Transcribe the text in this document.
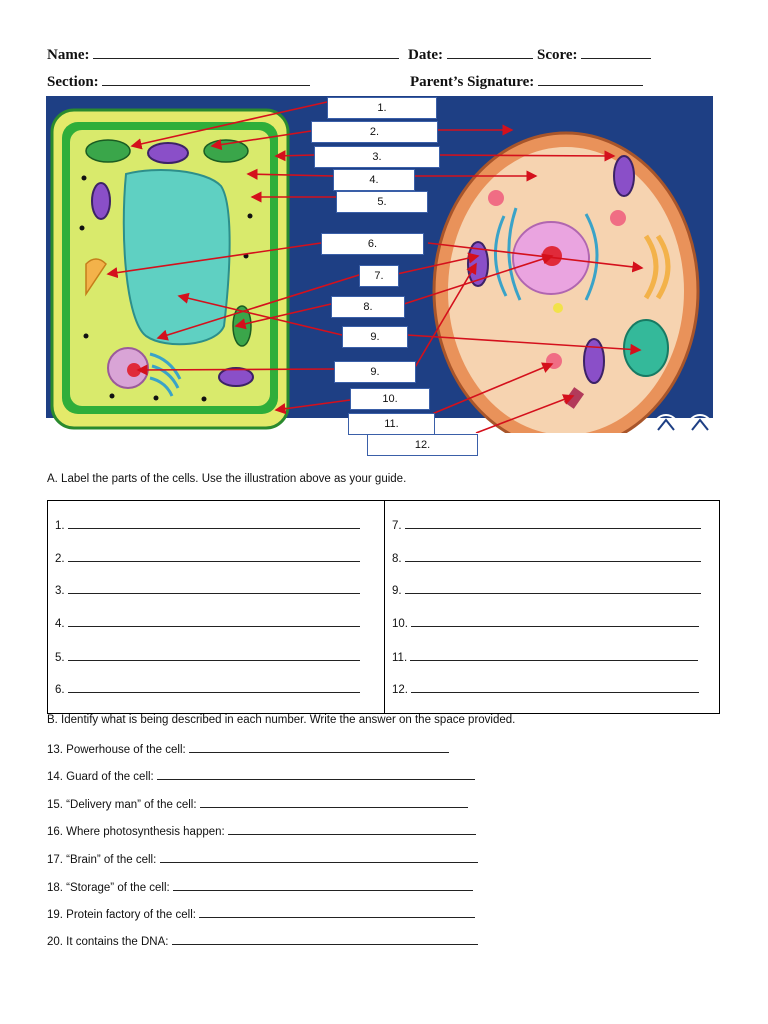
Name:	Date:	Score:
Section:	Parent’s Signature:
1.
2.
3.
4.
5.
6.
7.
8.
9.
9.
10.
11.
12.
A. Label the parts of the cells. Use the illustration above as your guide.
1.
2.
3.
4.
5.
6.
7.
8.
9.
10.
11.
12.
B. Identify what is being described in each number. Write the answer on the space provided.
13. Powerhouse of the cell:
14. Guard of the cell:
15. “Delivery man” of the cell:
16. Where photosynthesis happen:
17. “Brain” of the cell:
18. “Storage” of the cell:
19. Protein factory of the cell:
20. It contains the DNA:
